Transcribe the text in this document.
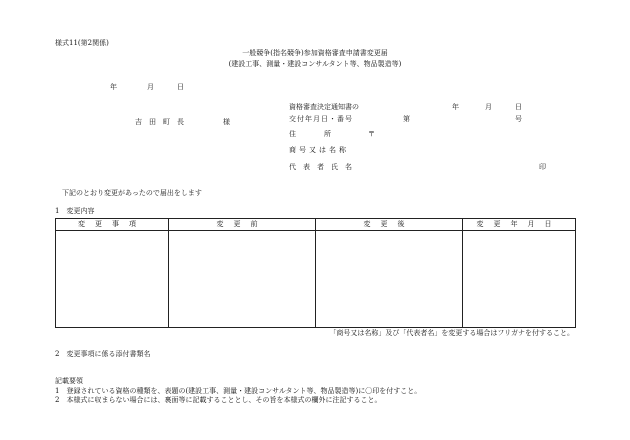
様式11(第2関係)
一般競争(指名競争)参加資格審査申請書変更届
(建設工事、測量・建設コンサルタント等、物品製造等)
年	月	日
吉　田　町　長	様
資格審査決定通知書の	年	月	日
交付年月日・番号	第	号
住　　　　所	〒
商号又は名称
代　表　者　氏　名	印
下記のとおり変更があったので届出をします
1　変更内容
変更事項	変更前	変更後	変更年月日

「商号又は名称」及び「代表者名」を変更する場合はフリガナを付すること。
2　変更事項に係る添付書類名
記載要領
1　登録されている資格の種類を、表題の(建設工事、測量・建設コンサルタント等、物品製造等)に〇印を付すこと。
2　本様式に収まらない場合には、裏面等に記載することとし、その旨を本様式の欄外に注記すること。
